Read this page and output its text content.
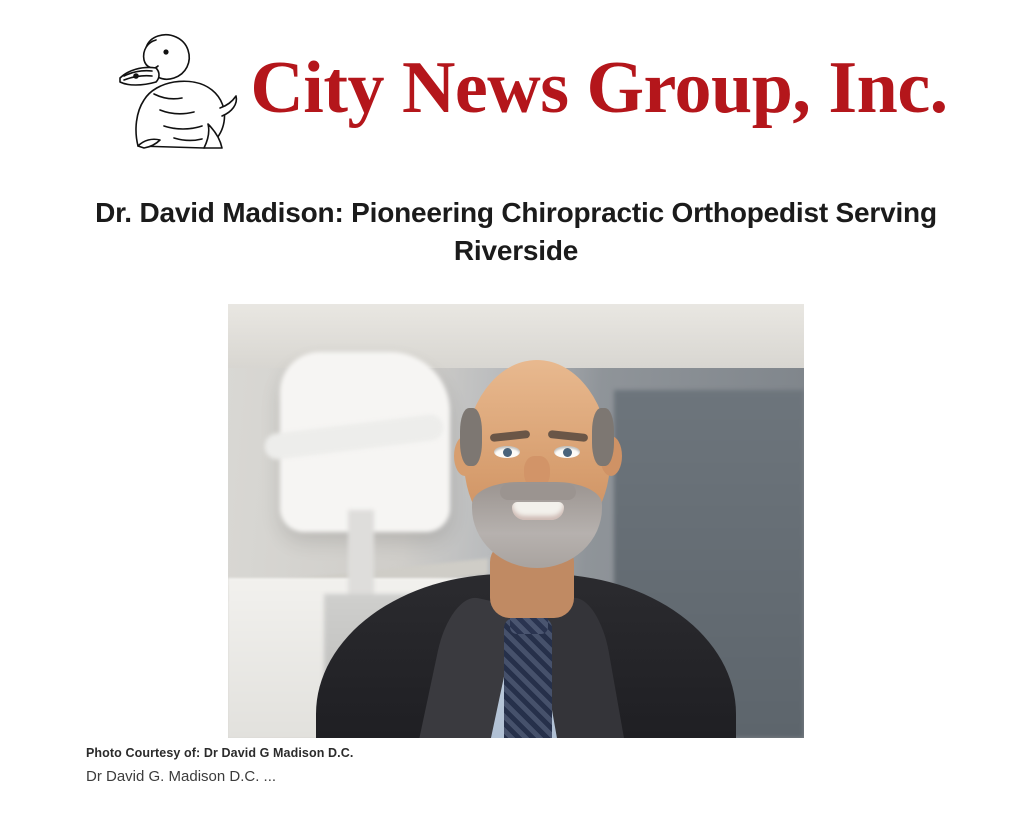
City News Group, Inc.
Dr. David Madison: Pioneering Chiropractic Orthopedist Serving Riverside
Photo Courtesy of: Dr David G Madison D.C.
Dr David G. Madison D.C. ...
